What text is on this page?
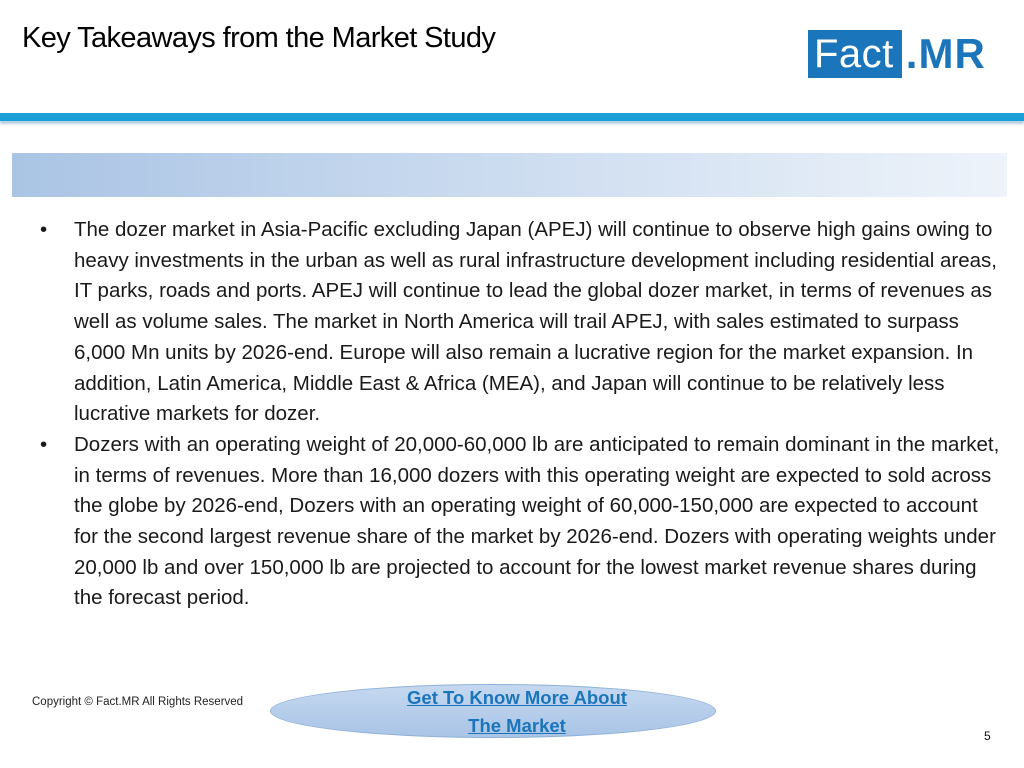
Key Takeaways from the Market Study	Fact .MR
•	The dozer market in Asia-Pacific excluding Japan (APEJ) will continue to observe high gains owing to heavy investments in the urban as well as rural infrastructure development including residential areas, IT parks, roads and ports. APEJ will continue to lead the global dozer market, in terms of revenues as well as volume sales. The market in North America will trail APEJ, with sales estimated to surpass 6,000 Mn units by 2026-end. Europe will also remain a lucrative region for the market expansion. In addition, Latin America, Middle East & Africa (MEA), and Japan will continue to be relatively less lucrative markets for dozer.
•	Dozers with an operating weight of 20,000-60,000 lb are anticipated to remain dominant in the market, in terms of revenues. More than 16,000 dozers with this operating weight are expected to sold across the globe by 2026-end, Dozers with an operating weight of 60,000-150,000 are expected to account for the second largest revenue share of the market by 2026-end. Dozers with operating weights under 20,000 lb and over 150,000 lb are projected to account for the lowest market revenue shares during the forecast period.
Copyright © Fact.MR All Rights Reserved	Get To Know More About
The Market	5
